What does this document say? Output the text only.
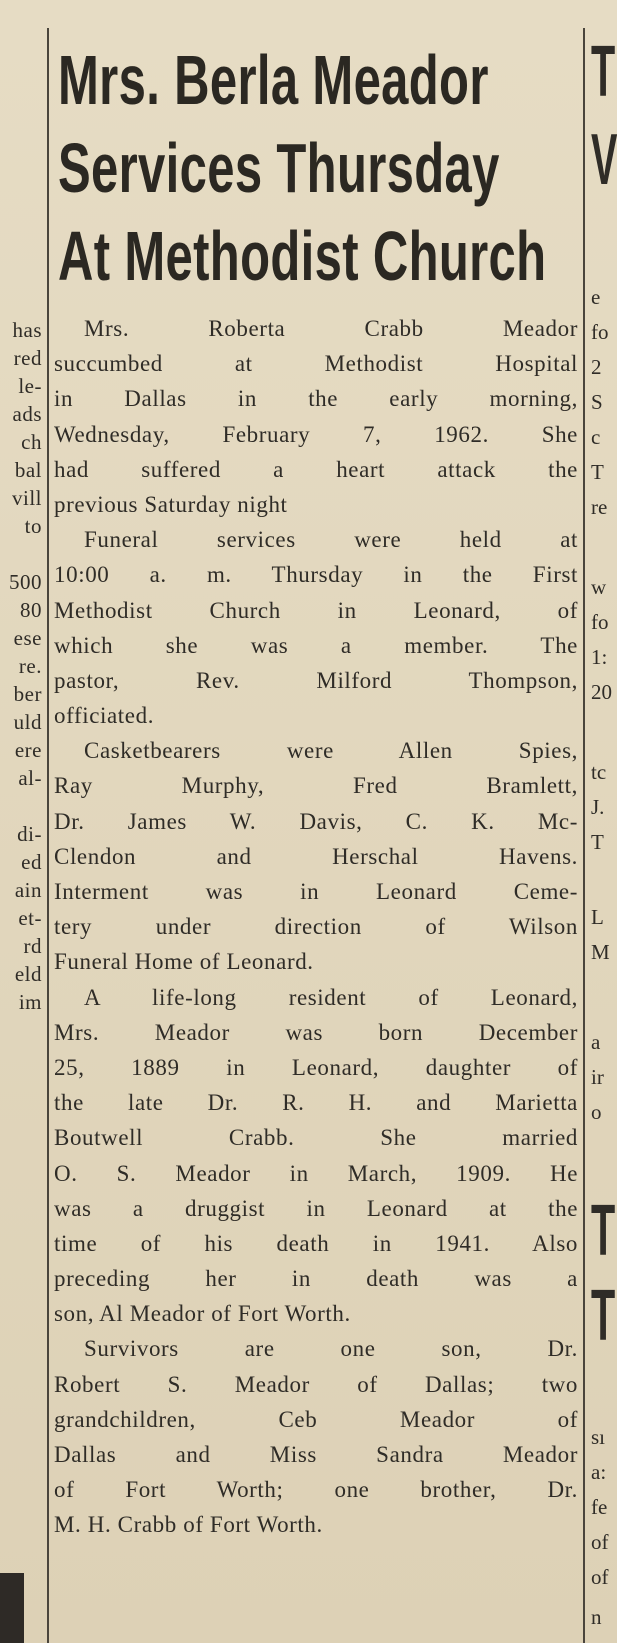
has
red
le-
ads
ch
bal
vill
to
500
80
ese
re.
ber
uld
ere
al-
di-
ed
ain
et-
rd
eld
im
T
V
e
fo
2
S
c
T
re
w
fo
1:
20
tc
J.
T
L
M
a
ir
o
T
T
sı
a:
fe
of
of
n
Mrs. Berla Meador
Services Thursday
At Methodist Church
Mrs. Roberta Crabb Meador
succumbed at Methodist Hospital
in Dallas in the early morning,
Wednesday, February 7, 1962. She
had suffered a heart attack the
previous Saturday night
Funeral services were held at
10:00 a. m. Thursday in the First
Methodist Church in Leonard, of
which she was a member. The
pastor, Rev. Milford Thompson,
officiated.
Casketbearers were Allen Spies,
Ray Murphy, Fred Bramlett,
Dr. James W. Davis, C. K. Mc-
Clendon and Herschal Havens.
Interment was in Leonard Ceme-
tery under direction of Wilson
Funeral Home of Leonard.
A life-long resident of Leonard,
Mrs. Meador was born December
25, 1889 in Leonard, daughter of
the late Dr. R. H. and Marietta
Boutwell Crabb. She married
O. S. Meador in March, 1909. He
was a druggist in Leonard at the
time of his death in 1941. Also
preceding her in death was a
son, Al Meador of Fort Worth.
Survivors are one son, Dr.
Robert S. Meador of Dallas; two
grandchildren, Ceb Meador of
Dallas and Miss Sandra Meador
of Fort Worth; one brother, Dr.
M. H. Crabb of Fort Worth.
